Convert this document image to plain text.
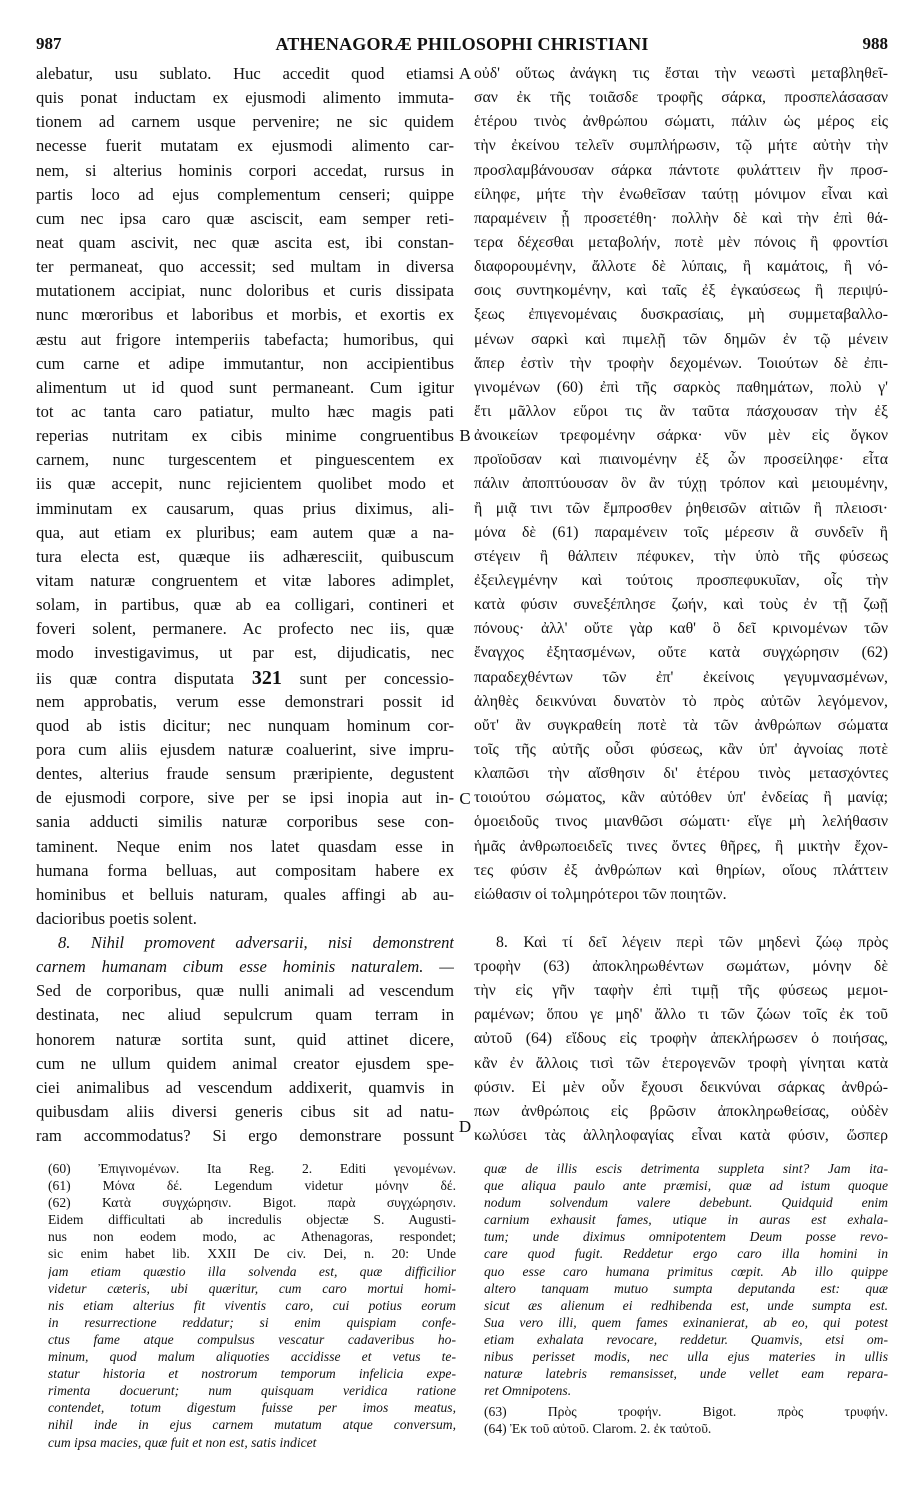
987	ATHENAGORÆ PHILOSOPHI CHRISTIANI	988
alebatur, usu sublato. Huc accedit quod etiamsi
quis ponat inductam ex ejusmodi alimento immuta-
tionem ad carnem usque pervenire; ne sic quidem
necesse fuerit mutatam ex ejusmodi alimento car-
nem, si alterius hominis corpori accedat, rursus in
partis loco ad ejus complementum censeri; quippe
cum nec ipsa caro quæ asciscit, eam semper reti-
neat quam ascivit, nec quæ ascita est, ibi constan-
ter permaneat, quo accessit; sed multam in diversa
mutationem accipiat, nunc doloribus et curis dissipata
nunc mœroribus et laboribus et morbis, et exortis ex
æstu aut frigore intemperiis tabefacta; humoribus, qui
cum carne et adipe immutantur, non accipientibus
alimentum ut id quod sunt permaneant. Cum igitur
tot ac tanta caro patiatur, multo hæc magis pati
reperias nutritam ex cibis minime congruentibus
carnem, nunc turgescentem et pinguescentem ex
iis quæ accepit, nunc rejicientem quolibet modo et
imminutam ex causarum, quas prius diximus, ali-
qua, aut etiam ex pluribus; eam autem quæ a na-
tura electa est, quæque iis adhæresciit, quibuscum
vitam naturæ congruentem et vitæ labores adimplet,
solam, in partibus, quæ ab ea colligari, contineri et
foveri solent, permanere. Ac profecto nec iis, quæ
modo investigavimus, ut par est, dijudicatis, nec
iis quæ contra disputata 321 sunt per concessio-
nem approbatis, verum esse demonstrari possit id
quod ab istis dicitur; nec nunquam hominum cor-
pora cum aliis ejusdem naturæ coaluerint, sive impru-
dentes, alterius fraude sensum præripiente, degustent
de ejusmodi corpore, sive per se ipsi inopia aut in-
sania adducti similis naturæ corporibus sese con-
taminent. Neque enim nos latet quasdam esse in
humana forma belluas, aut compositam habere ex
hominibus et belluis naturam, quales affingi ab au-
dacioribus poetis solent.
8. Nihil promovent adversarii, nisi demonstrent
carnem humanam cibum esse hominis naturalem. —
Sed de corporibus, quæ nulli animali ad vescendum
destinata, nec aliud sepulcrum quam terram in
honorem naturæ sortita sunt, quid attinet dicere,
cum ne ullum quidem animal creator ejusdem spe-
ciei animalibus ad vescendum addixerit, quamvis in
quibusdam aliis diversi generis cibus sit ad natu-
ram accommodatus? Si ergo demonstrare possunt
A
B
C
D
οὐδ' οὕτως ἀνάγκη τις ἔσται τὴν νεωστὶ μεταβληθεῖ-
σαν ἐκ τῆς τοιᾶσδε τροφῆς σάρκα, προσπελάσασαν
ἑτέρου τινὸς ἀνθρώπου σώματι, πάλιν ὡς μέρος εἰς
τὴν ἐκείνου τελεῖν συμπλήρωσιν, τῷ μήτε αὐτὴν τὴν
προσλαμβάνουσαν σάρκα πάντοτε φυλάττειν ἣν προσ-
είληφε, μήτε τὴν ἐνωθεῖσαν ταύτῃ μόνιμον εἶναι καὶ
παραμένειν ᾗ προσετέθη· πολλὴν δὲ καὶ τὴν ἐπὶ θά-
τερα δέχεσθαι μεταβολήν, ποτὲ μὲν πόνοις ἢ φροντίσι
διαφορουμένην, ἄλλοτε δὲ λύπαις, ἢ καμάτοις, ἢ νό-
σοις συντηκομένην, καὶ ταῖς ἐξ ἐγκαύσεως ἢ περιψύ-
ξεως ἐπιγενομέναις δυσκρασίαις, μὴ συμμεταβαλλο-
μένων σαρκὶ καὶ πιμελῇ τῶν δημῶν ἐν τῷ μένειν
ἅπερ ἐστὶν τὴν τροφὴν δεχομένων. Τοιούτων δὲ ἐπι-
γινομένων (60) ἐπὶ τῆς σαρκὸς παθημάτων, πολὺ γ'
ἔτι μᾶλλον εὕροι τις ἂν ταῦτα πάσχουσαν τὴν ἐξ
ἀνοικείων τρεφομένην σάρκα· νῦν μὲν εἰς ὄγκον
προϊοῦσαν καὶ πιαινομένην ἐξ ὧν προσείληφε· εἶτα
πάλιν ἀποπτύουσαν ὃν ἂν τύχῃ τρόπον καὶ μειουμένην,
ἢ μιᾷ τινι τῶν ἔμπροσθεν ῥηθεισῶν αἰτιῶν ἢ πλειοσι·
μόνα δὲ (61) παραμένειν τοῖς μέρεσιν ἃ συνδεῖν ἢ
στέγειν ἢ θάλπειν πέφυκεν, τὴν ὑπὸ τῆς φύσεως
ἐξειλεγμένην καὶ τούτοις προσπεφυκυῖαν, οἷς τὴν
κατὰ φύσιν συνεξέπλησε ζωήν, καὶ τοὺς ἐν τῇ ζωῇ
πόνους· ἀλλ' οὔτε γὰρ καθ' ὃ δεῖ κρινομένων τῶν
ἔναγχος ἐξητασμένων, οὔτε κατὰ συγχώρησιν (62)
παραδεχθέντων τῶν ἐπ' ἐκείνοις γεγυμνασμένων,
ἀληθὲς δεικνύναι δυνατὸν τὸ πρὸς αὐτῶν λεγόμενον,
οὔτ' ἂν συγκραθείη ποτὲ τὰ τῶν ἀνθρώπων σώματα
τοῖς τῆς αὐτῆς οὖσι φύσεως, κἂν ὑπ' ἀγνοίας ποτὲ
κλαπῶσι τὴν αἴσθησιν δι' ἑτέρου τινὸς μετασχόντες
τοιούτου σώματος, κἂν αὐτόθεν ὑπ' ἐνδείας ἢ μανίᾳ;
ὁμοειδοῦς τινος μιανθῶσι σώματι· εἴγε μὴ λελήθασιν
ἡμᾶς ἀνθρωποειδεῖς τινες ὄντες θῆρες, ἢ μικτὴν ἔχον-
τες φύσιν ἐξ ἀνθρώπων καὶ θηρίων, οἵους πλάττειν
εἰώθασιν οἱ τολμηρότεροι τῶν ποιητῶν.
8. Καὶ τί δεῖ λέγειν περὶ τῶν μηδενὶ ζώῳ πρὸς
τροφὴν (63) ἀποκληρωθέντων σωμάτων, μόνην δὲ
τὴν εἰς γῆν ταφὴν ἐπὶ τιμῇ τῆς φύσεως μεμοι-
ραμένων; ὅπου γε μηδ' ἄλλο τι τῶν ζώων τοῖς ἐκ τοῦ
αὐτοῦ (64) εἴδους εἰς τροφὴν ἀπεκλήρωσεν ὁ ποιήσας,
κἂν ἐν ἄλλοις τισὶ τῶν ἑτερογενῶν τροφὴ γίνηται κατὰ
φύσιν. Εἰ μὲν οὖν ἔχουσι δεικνύναι σάρκας ἀνθρώ-
πων ἀνθρώποις εἰς βρῶσιν ἀποκληρωθείσας, οὐδὲν
κωλύσει τὰς ἀλληλοφαγίας εἶναι κατὰ φύσιν, ὥσπερ
(60) Ἐπιγινομένων. Ita Reg. 2. Editi γενομένων.
(61) Μόνα δέ. Legendum videtur μόνην δέ.
(62) Κατὰ συγχώρησιν. Bigot. παρὰ συγχώρησιν.
Eidem difficultati ab incredulis objectæ S. Augusti-
nus non eodem modo, ac Athenagoras, respondet;
sic enim habet lib. XXII De civ. Dei, n. 20: Unde
jam etiam quæstio illa solvenda est, quæ difficilior
videtur cæteris, ubi quæritur, cum caro mortui homi-
nis etiam alterius fit viventis caro, cui potius eorum
in resurrectione reddatur; si enim quispiam confe-
ctus fame atque compulsus vescatur cadaveribus ho-
minum, quod malum aliquoties accidisse et vetus te-
statur historia et nostrorum temporum infelicia expe-
rimenta docuerunt; num quisquam veridica ratione
contendet, totum digestum fuisse per imos meatus,
nihil inde in ejus carnem mutatum atque conversum,
cum ipsa macies, quæ fuit et non est, satis indicet
quæ de illis escis detrimenta suppleta sint? Jam ita-
que aliqua paulo ante præmisi, quæ ad istum quoque
nodum solvendum valere debebunt. Quidquid enim
carnium exhausit fames, utique in auras est exhala-
tum; unde diximus omnipotentem Deum posse revo-
care quod fugit. Reddetur ergo caro illa homini in
quo esse caro humana primitus cœpit. Ab illo quippe
altero tanquam mutuo sumpta deputanda est: quæ
sicut æs alienum ei redhibenda est, unde sumpta est.
Sua vero illi, quem fames exinanierat, ab eo, qui potest
etiam exhalata revocare, reddetur. Quamvis, etsi om-
nibus perisset modis, nec ulla ejus materies in ullis
naturæ latebris remansisset, unde vellet eam repara-
ret Omnipotens.
(63) Πρὸς τροφήν. Bigot. πρὸς τρυφήν.
(64) Ἐκ τοῦ αὐτοῦ. Clarom. 2. ἐκ ταὐτοῦ.
